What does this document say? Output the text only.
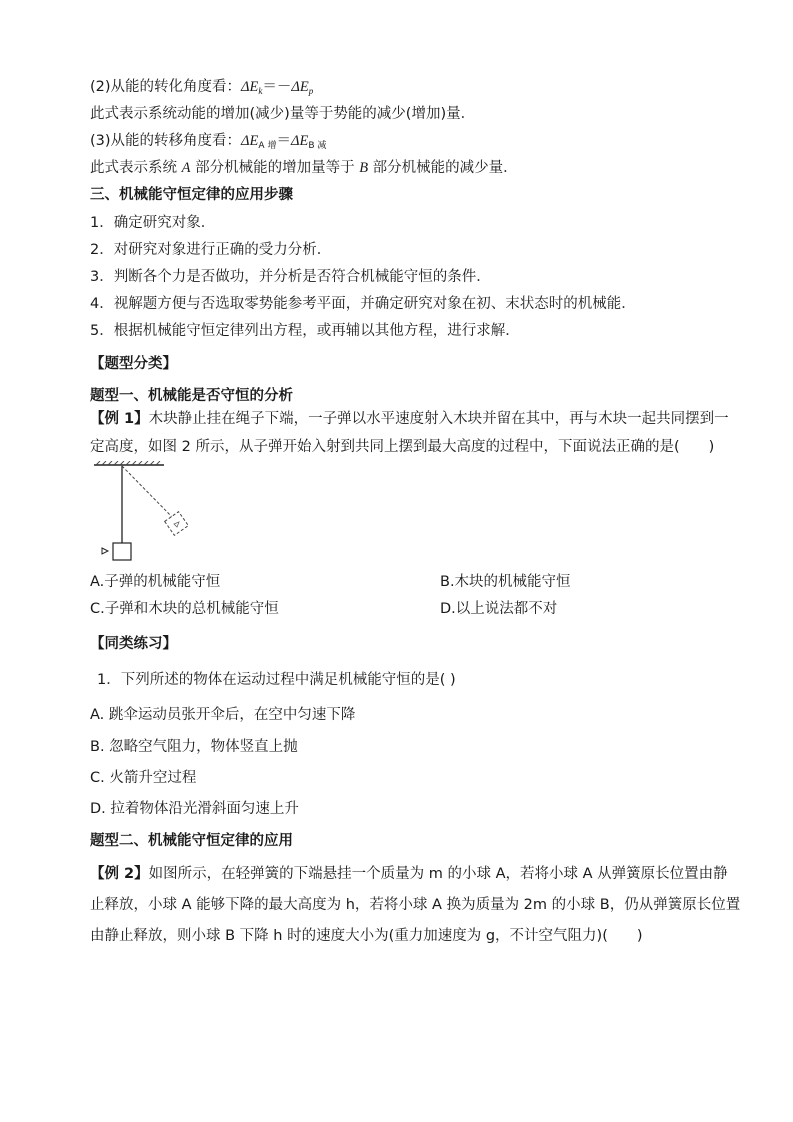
(2)从能的转化角度看：$\Delta E_k=-\Delta E_p$
此式表示系统动能的增加(减少)量等于势能的减少(增加)量．
(3)从能的转移角度看：$\Delta E_{A 增}=\Delta E_{B 减}$
此式表示系统 A 部分机械能的增加量等于 B 部分机械能的减少量．
三、机械能守恒定律的应用步骤
1．确定研究对象．
2．对研究对象进行正确的受力分析．
3．判断各个力是否做功，并分析是否符合机械能守恒的条件．
4．视解题方便与否选取零势能参考平面，并确定研究对象在初、末状态时的机械能．
5．根据机械能守恒定律列出方程，或再辅以其他方程，进行求解．
【题型分类】
题型一、机械能是否守恒的分析
【例 1】木块静止挂在绳子下端，一子弹以水平速度射入木块并留在其中，再与木块一起共同摆到一
定高度，如图 2 所示，从子弹开始入射到共同上摆到最大高度的过程中，下面说法正确的是(　　)
A.子弹的机械能守恒	B.木块的机械能守恒
C.子弹和木块的总机械能守恒	D.以上说法都不对
【同类练习】
1．下列所述的物体在运动过程中满足机械能守恒的是( )
A. 跳伞运动员张开伞后，在空中匀速下降
B. 忽略空气阻力，物体竖直上抛
C. 火箭升空过程
D. 拉着物体沿光滑斜面匀速上升
题型二、机械能守恒定律的应用
【例 2】如图所示，在轻弹簧的下端悬挂一个质量为 m 的小球 A，若将小球 A 从弹簧原长位置由静
止释放，小球 A 能够下降的最大高度为 h，若将小球 A 换为质量为 2m 的小球 B，仍从弹簧原长位置
由静止释放，则小球 B 下降 h 时的速度大小为(重力加速度为 g，不计空气阻力)(　　)
